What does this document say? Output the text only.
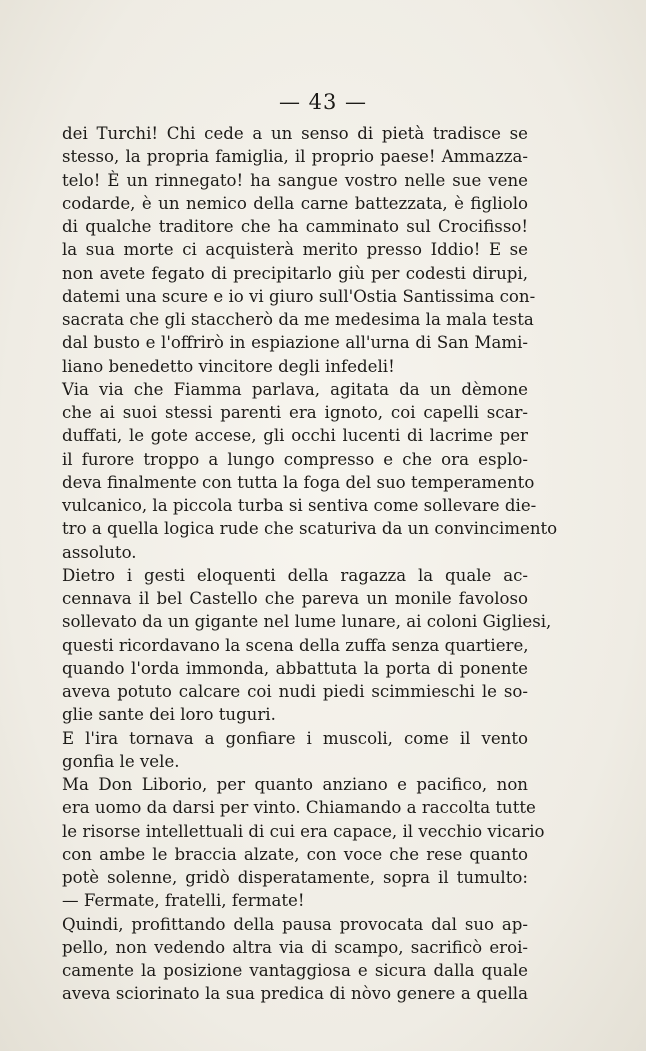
— 43 —
dei Turchi! Chi cede a un senso di pietà tradisce se
stesso, la propria famiglia, il proprio paese! Ammazza-
telo! È un rinnegato! ha sangue vostro nelle sue vene
codarde, è un nemico della carne battezzata, è figliolo
di qualche traditore che ha camminato sul Crocifisso!
la sua morte ci acquisterà merito presso Iddio! E se
non avete fegato di precipitarlo giù per codesti dirupi,
datemi una scure e io vi giuro sull'Ostia Santissima con-
sacrata che gli staccherò da me medesima la mala testa
dal busto e l'offrirò in espiazione all'urna di San Mami-
liano benedetto vincitore degli infedeli!
Via via che Fiamma parlava, agitata da un dèmone
che ai suoi stessi parenti era ignoto, coi capelli scar-
duffati, le gote accese, gli occhi lucenti di lacrime per
il furore troppo a lungo compresso e che ora esplo-
deva finalmente con tutta la foga del suo temperamento
vulcanico, la piccola turba si sentiva come sollevare die-
tro a quella logica rude che scaturiva da un convincimento
assoluto.
Dietro i gesti eloquenti della ragazza la quale ac-
cennava il bel Castello che pareva un monile favoloso
sollevato da un gigante nel lume lunare, ai coloni Gigliesi,
questi ricordavano la scena della zuffa senza quartiere,
quando l'orda immonda, abbattuta la porta di ponente
aveva potuto calcare coi nudi piedi scimmieschi le so-
glie sante dei loro tuguri.
E l'ira tornava a gonfiare i muscoli, come il vento
gonfia le vele.
Ma Don Liborio, per quanto anziano e pacifico, non
era uomo da darsi per vinto. Chiamando a raccolta tutte
le risorse intellettuali di cui era capace, il vecchio vicario
con ambe le braccia alzate, con voce che rese quanto
potè solenne, gridò disperatamente, sopra il tumulto:
— Fermate, fratelli, fermate!
Quindi, profittando della pausa provocata dal suo ap-
pello, non vedendo altra via di scampo, sacrificò eroi-
camente la posizione vantaggiosa e sicura dalla quale
aveva sciorinato la sua predica di nòvo genere a quella
